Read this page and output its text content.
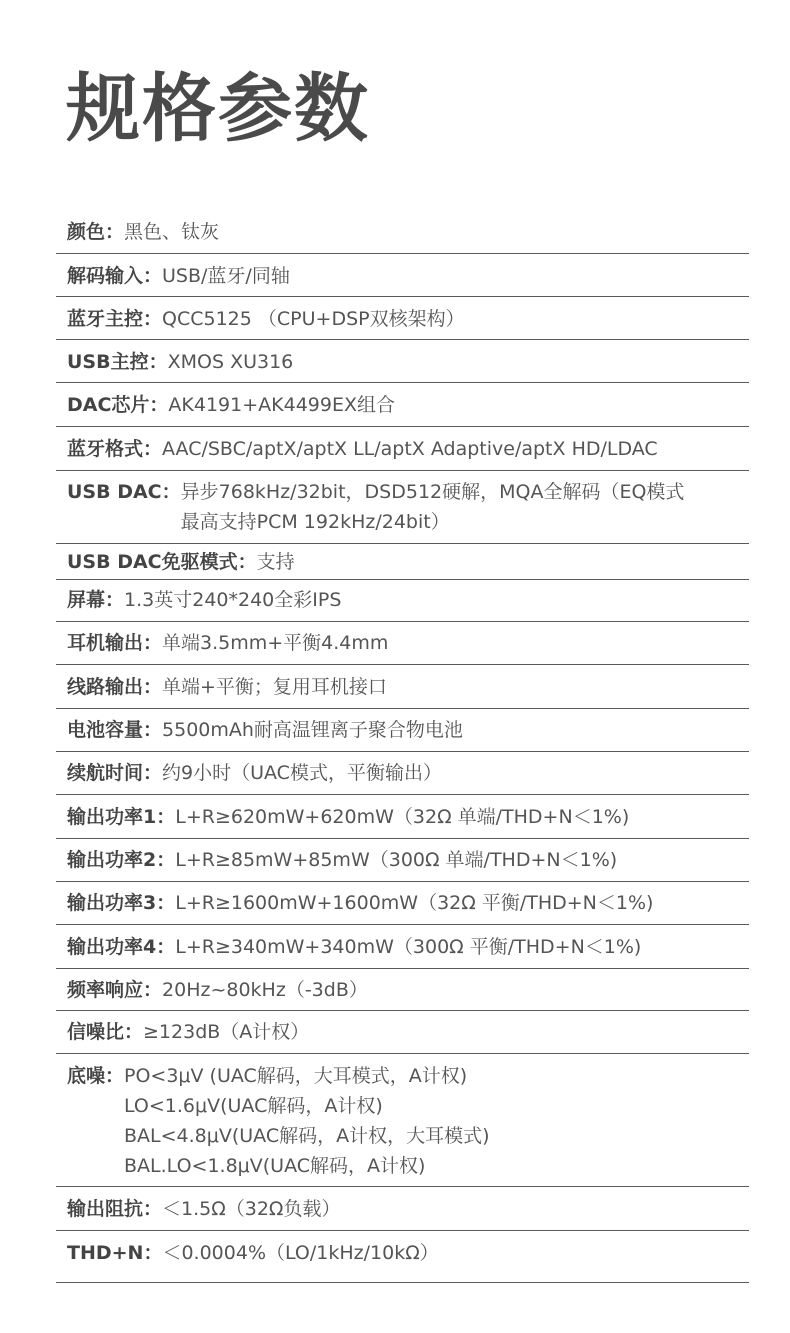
规格参数
颜色： 黑色、钛灰
解码输入： USB/蓝牙/同轴
蓝牙主控： QCC5125 （CPU+DSP双核架构）
USB主控： XMOS XU316
DAC芯片： AK4191+AK4499EX组合
蓝牙格式： AAC/SBC/aptX/aptX LL/aptX Adaptive/aptX HD/LDAC
USB DAC： 异步768kHz/32bit，DSD512硬解，MQA全解码（EQ模式
最高支持PCM 192kHz/24bit）
USB DAC免驱模式： 支持
屏幕： 1.3英寸240*240全彩IPS
耳机输出： 单端3.5mm+平衡4.4mm
线路输出： 单端+平衡；复用耳机接口
电池容量： 5500mAh耐高温锂离子聚合物电池
续航时间： 约9小时（UAC模式，平衡输出）
输出功率1： L+R≥620mW+620mW（32Ω 单端/THD+N＜1%)
输出功率2： L+R≥85mW+85mW（300Ω 单端/THD+N＜1%)
输出功率3： L+R≥1600mW+1600mW（32Ω 平衡/THD+N＜1%)
输出功率4： L+R≥340mW+340mW（300Ω 平衡/THD+N＜1%)
频率响应： 20Hz~80kHz（-3dB）
信噪比： ≥123dB（A计权）
底噪： PO<3μV (UAC解码，大耳模式，A计权)
LO<1.6μV(UAC解码，A计权)
BAL<4.8μV(UAC解码，A计权，大耳模式)
BAL.LO<1.8μV(UAC解码，A计权)
输出阻抗： ＜1.5Ω（32Ω负载）
THD+N： ＜0.0004%（LO/1kHz/10kΩ）
